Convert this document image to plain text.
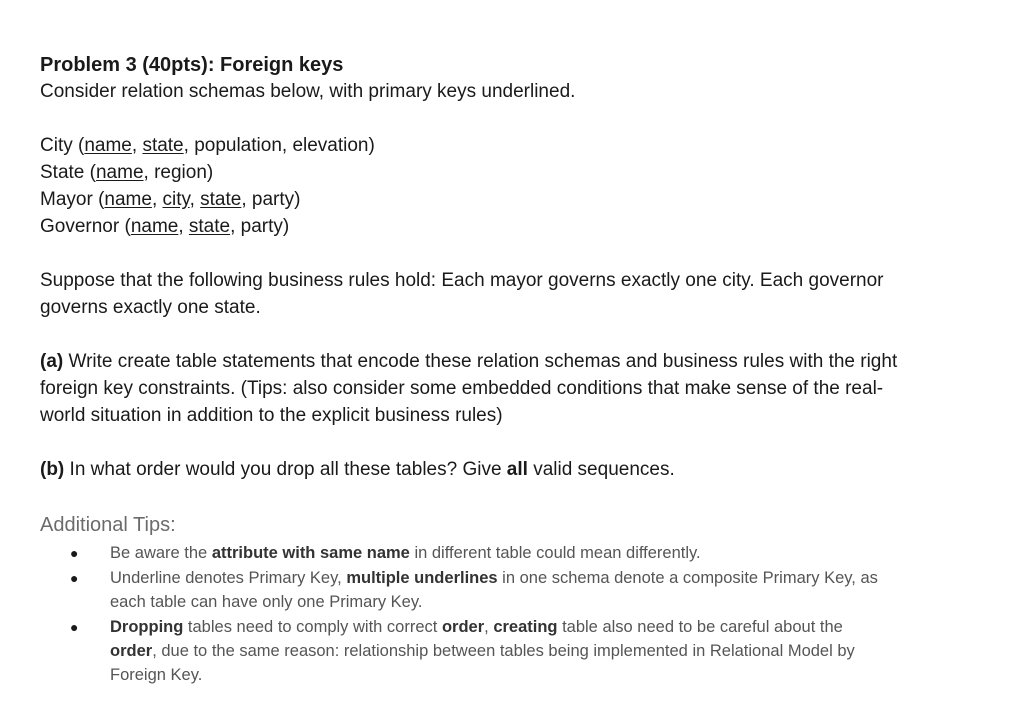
Problem 3 (40pts): Foreign keys

Consider relation schemas below, with primary keys underlined.

City (name, state, population, elevation)

State (name, region)

Mayor (name, city, state, party)

Governor (name, state, party)

Suppose that the following business rules hold: Each mayor governs exactly one city. Each governor

governs exactly one state.

(a) Write create table statements that encode these relation schemas and business rules with the right

foreign key constraints. (Tips: also consider some embedded conditions that make sense of the real-

world situation in addition to the explicit business rules)

(b) In what order would you drop all these tables? Give all valid sequences.

Additional Tips:

● Be aware the attribute with same name in different table could mean differently.
● Underline denotes Primary Key, multiple underlines in one schema denote a composite Primary Key, as
each table can have only one Primary Key.
● Dropping tables need to comply with correct order, creating table also need to be careful about the
order, due to the same reason: relationship between tables being implemented in Relational Model by
Foreign Key.
